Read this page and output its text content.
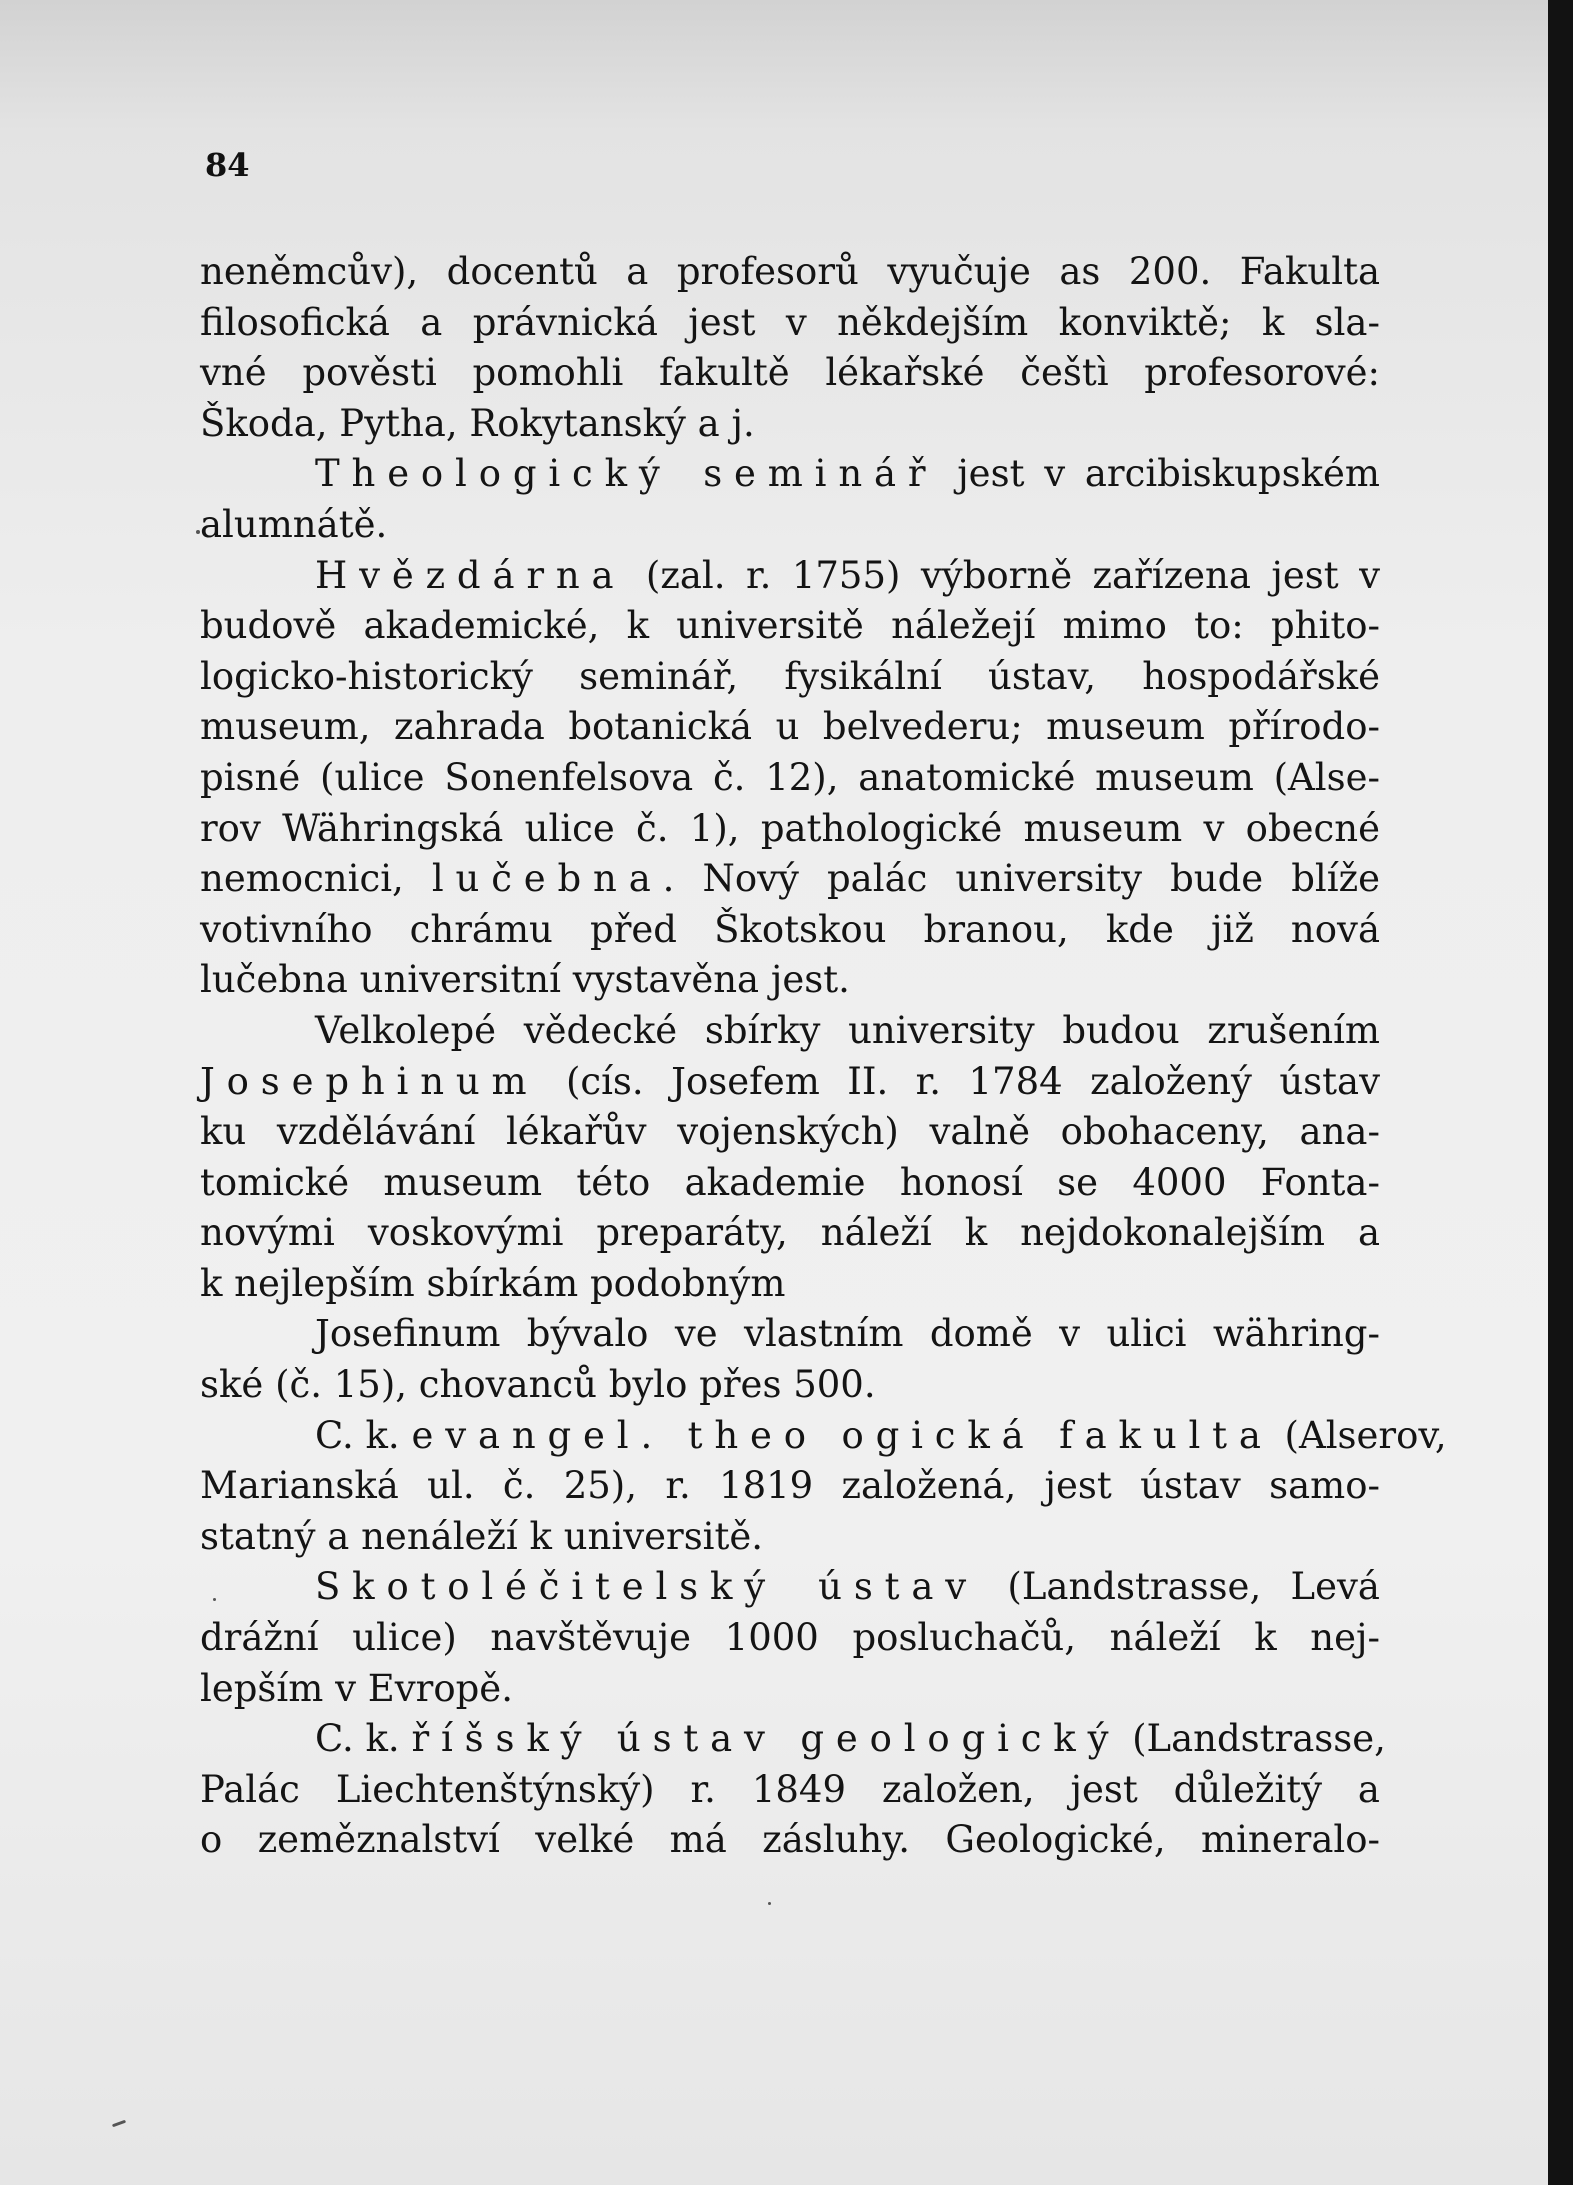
84

neněmcův), docentů a profesorů vyučuje as 200. Fakulta
filosofická a právnická jest v někdejším konviktě; k sla-
vné pověsti pomohli fakultě lékařské češtì profesorové:
Škoda, Pytha, Rokytanský a j.
Theologický seminář jest v arcibiskupském
alumnátě.
Hvězdárna (zal. r. 1755) výborně zařízena jest v
budově akademické, k universitě náležejí mimo to: phito-
logicko-historický seminář, fysikální ústav, hospodářské
museum, zahrada botanická u belvederu; museum přírodo-
pisné (ulice Sonenfelsova č. 12), anatomické museum (Alse-
rov Währingská ulice č. 1), pathologické museum v obecné
nemocnici, lučebna. Nový palác university bude blíže
votivního chrámu před Škotskou branou, kde již nová
lučebna universitní vystavěna jest.
Velkolepé vědecké sbírky university budou zrušením
Josephinum (cís. Josefem II. r. 1784 založený ústav
ku vzdělávání lékařův vojenských) valně obohaceny, ana-
tomické museum této akademie honosí se 4000 Fonta-
novými voskovými preparáty, náleží k nejdokonalejším a
k nejlepším sbírkám podobným
Josefinum bývalo ve vlastním domě v ulici währing-
ské (č. 15), chovanců bylo přes 500.
C. k. evangel. theo ogická fakulta (Alserov,
Marianská ul. č. 25), r. 1819 založená, jest ústav samo-
statný a nenáleží k universitě.
Skotoléčitelský ústav (Landstrasse, Levá
drážní ulice) navštěvuje 1000 posluchačů, náleží k nej-
lepším v Evropě.
C. k. říšský ústav geologický (Landstrasse,
Palác Liechtenštýnský) r. 1849 založen, jest důležitý a
o zeměznalství velké má zásluhy. Geologické, mineralo-
